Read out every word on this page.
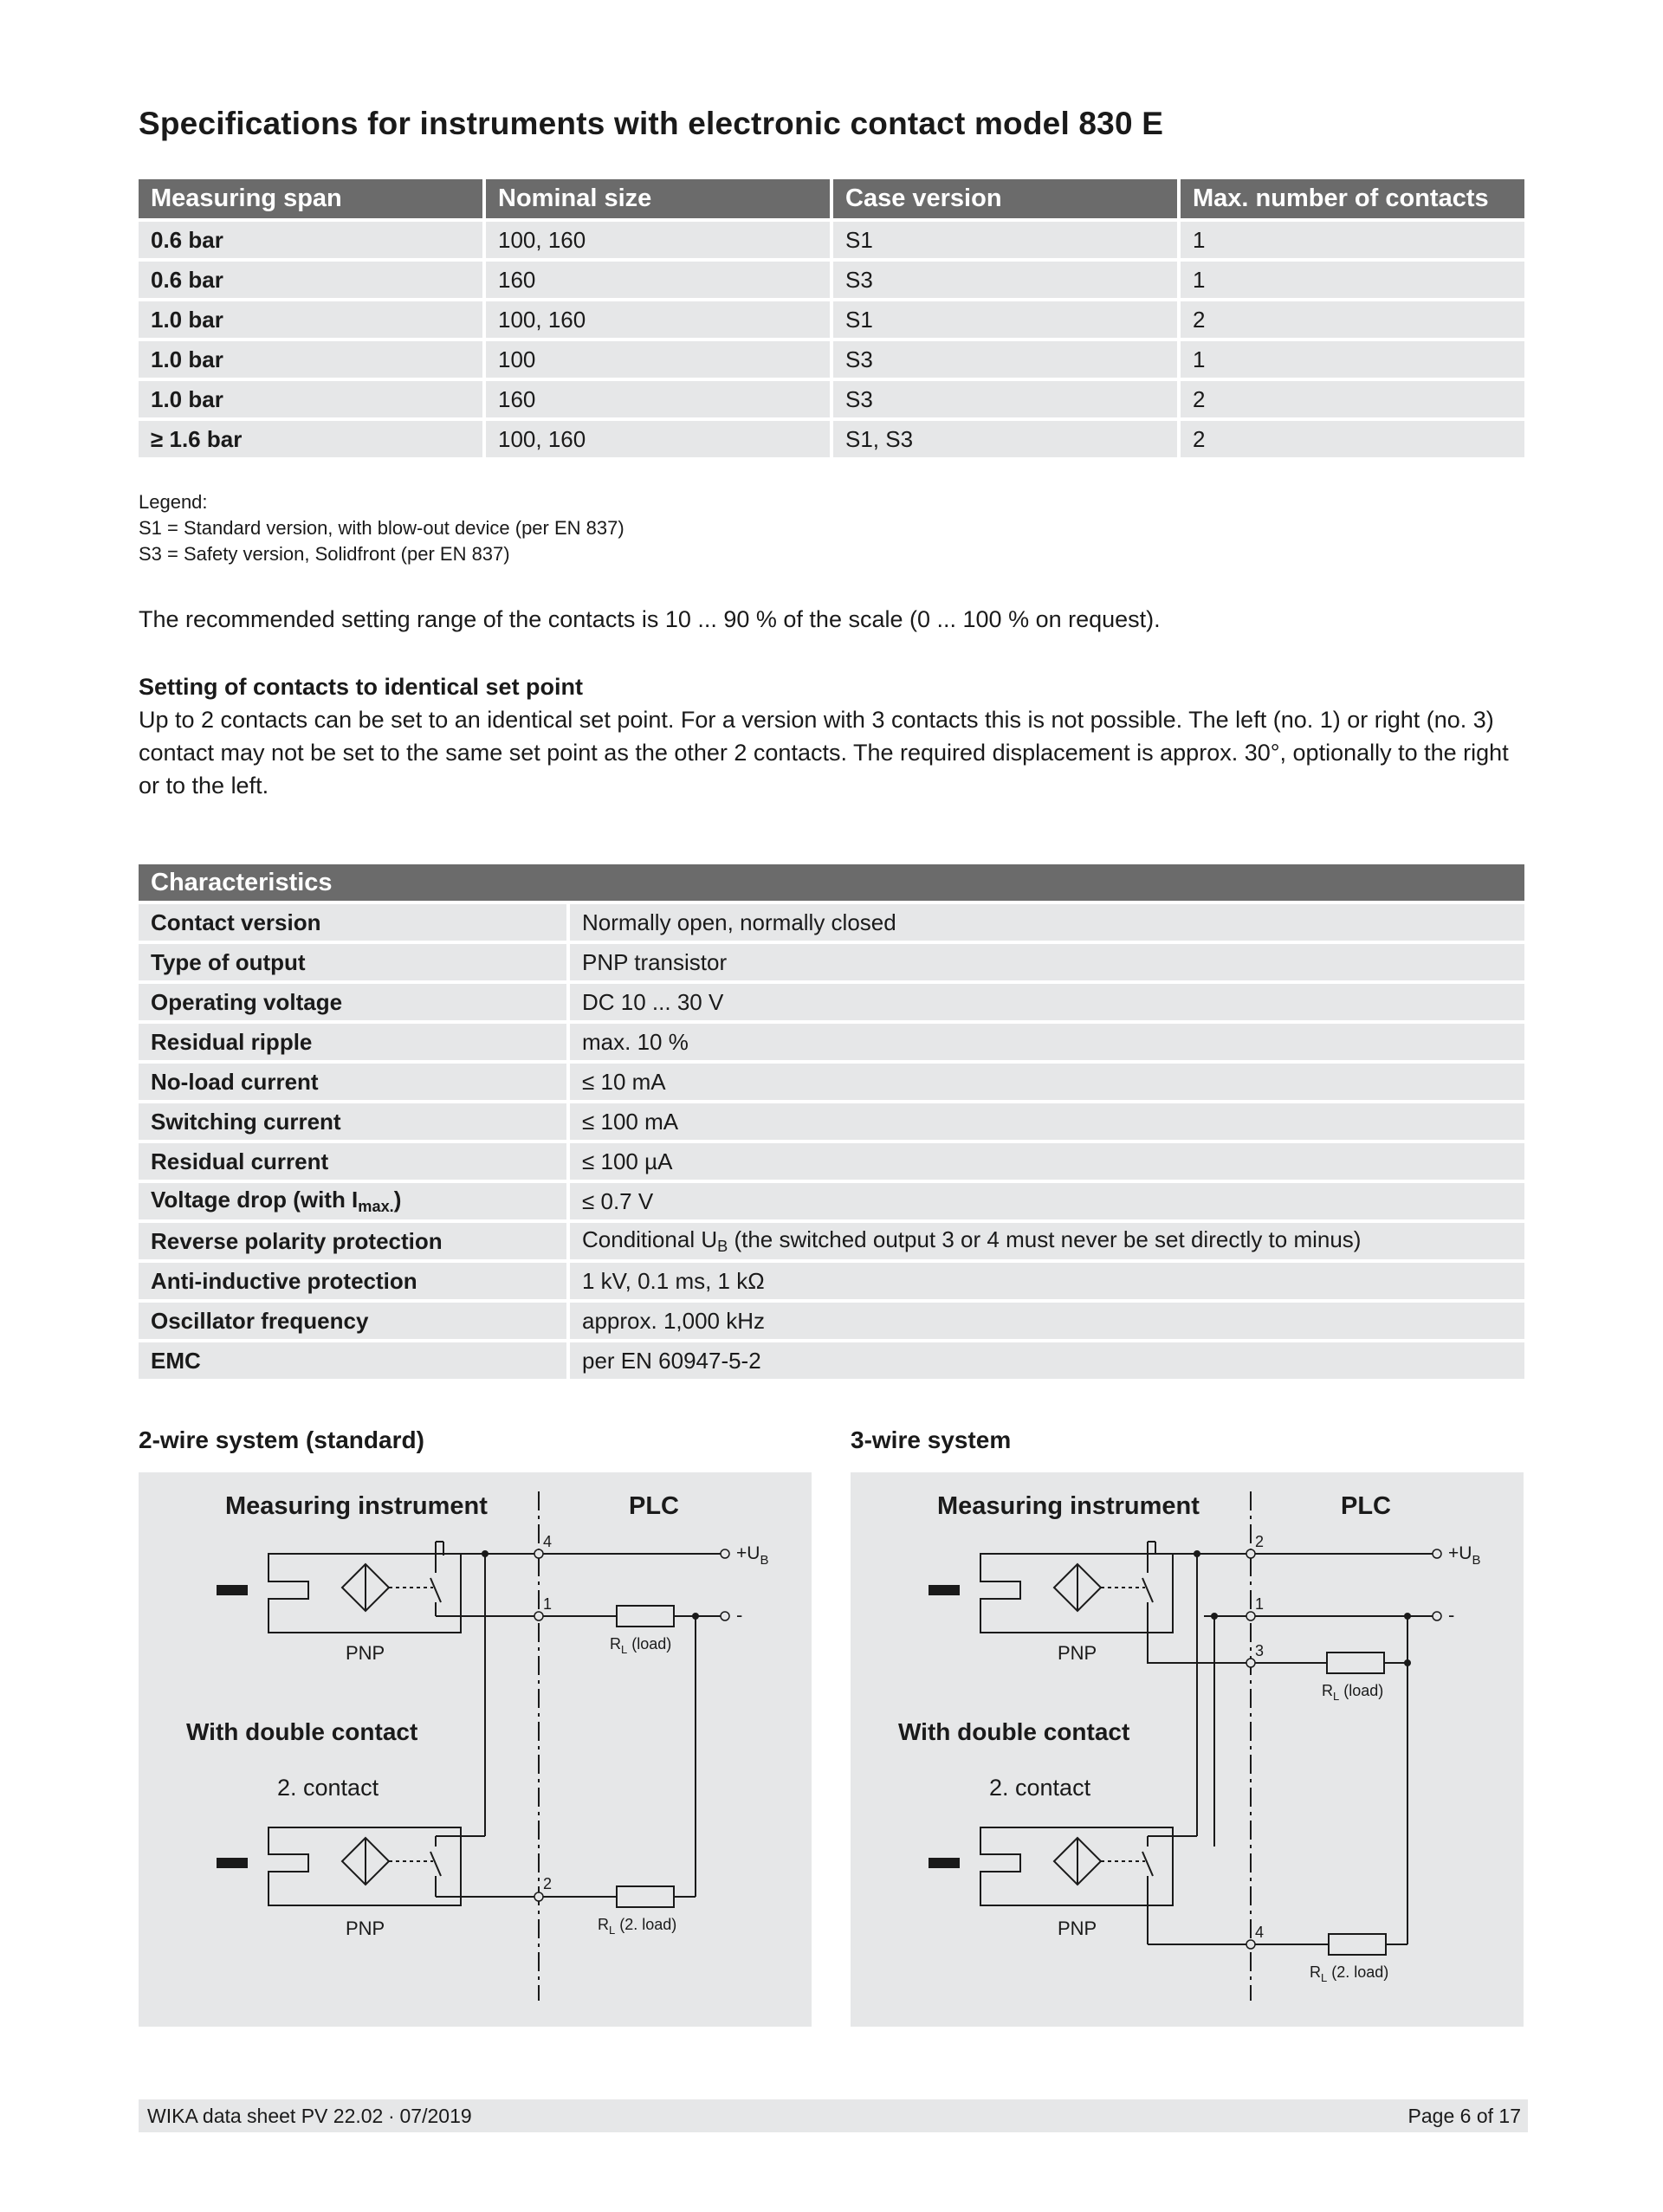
Specifications for instruments with electronic contact model 830 E
Measuring span	Nominal size	Case version	Max. number of contacts
0.6 bar	100, 160	S1	1
0.6 bar	160	S3	1
1.0 bar	100, 160	S1	2
1.0 bar	100	S3	1
1.0 bar	160	S3	2
≥ 1.6 bar	100, 160	S1, S3	2
Legend:
S1 = Standard version, with blow-out device (per EN 837)
S3 = Safety version, Solidfront (per EN 837)
The recommended setting range of the contacts is 10 ... 90 % of the scale (0 ... 100 % on request).
Setting of contacts to identical set point
Up to 2 contacts can be set to an identical set point. For a version with 3 contacts this is not possible. The left (no. 1) or right (no. 3) contact may not be set to the same set point as the other 2 contacts. The required displacement is approx. 30°, optionally to the right or to the left.
Characteristics	
Contact version	Normally open, normally closed
Type of output	PNP transistor
Operating voltage	DC 10 ... 30 V
Residual ripple	max. 10 %
No-load current	≤ 10 mA
Switching current	≤ 100 mA
Residual current	≤ 100 µA
Voltage drop (with $I_{max.}$)	≤ 0.7 V
Reverse polarity protection	Conditional $U_B$ (the switched output 3 or 4 must never be set directly to minus)
Anti-inductive protection	1 kV, 0.1 ms, 1 kΩ
Oscillator frequency	approx. 1,000 kHz
EMC	per EN 60947-5-2
2-wire system (standard)
Measuring instrument	PLC
$+U_B$
-
4
1
2
PNP	$R_L$ (load)
With double contact
2. contact
PNP	$R_L$ (2. load)
3-wire system
Measuring instrument	PLC
$+U_B$
-
2
1
3
4
PNP
$R_L$ (load)
With double contact
2. contact
PNP
$R_L$ (2. load)
WIKA data sheet PV 22.02 ∙ 07/2019	Page 6 of 17
